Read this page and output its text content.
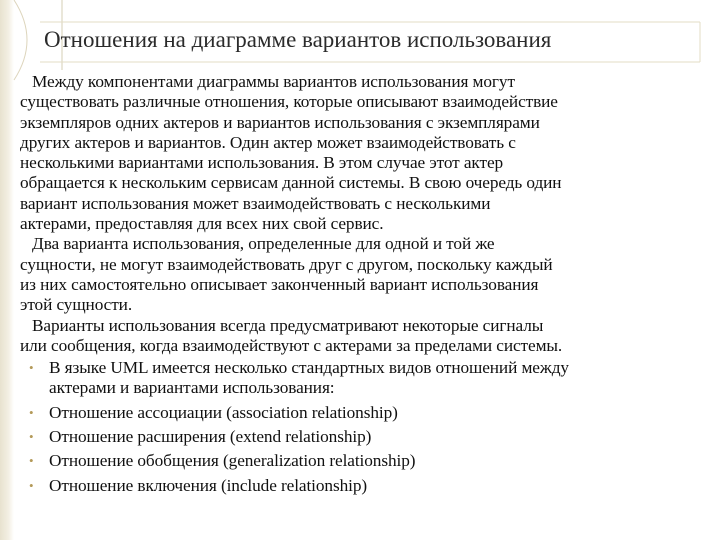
Отношения на диаграмме вариантов использования

Между компонентами диаграммы вариантов использования могут
существовать различные отношения, которые описывают взаимодействие
экземпляров одних актеров и вариантов использования с экземплярами
других актеров и вариантов. Один актер может взаимодействовать с
несколькими вариантами использования. В этом случае этот актер
обращается к нескольким сервисам данной системы. В свою очередь один
вариант использования может взаимодействовать с несколькими
актерами, предоставляя для всех них свой сервис.

Два варианта использования, определенные для одной и той же
сущности, не могут взаимодействовать друг с другом, поскольку каждый
из них самостоятельно описывает законченный вариант использования
этой сущности.

Варианты использования всегда предусматривают некоторые сигналы
или сообщения, когда взаимодействуют с актерами за пределами системы.

• В языке UML имеется несколько стандартных видов отношений между
актерами и вариантами использования:
• Отношение ассоциации (association relationship)
• Отношение расширения (extend relationship)
• Отношение обобщения (generalization relationship)
• Отношение включения (include relationship)
